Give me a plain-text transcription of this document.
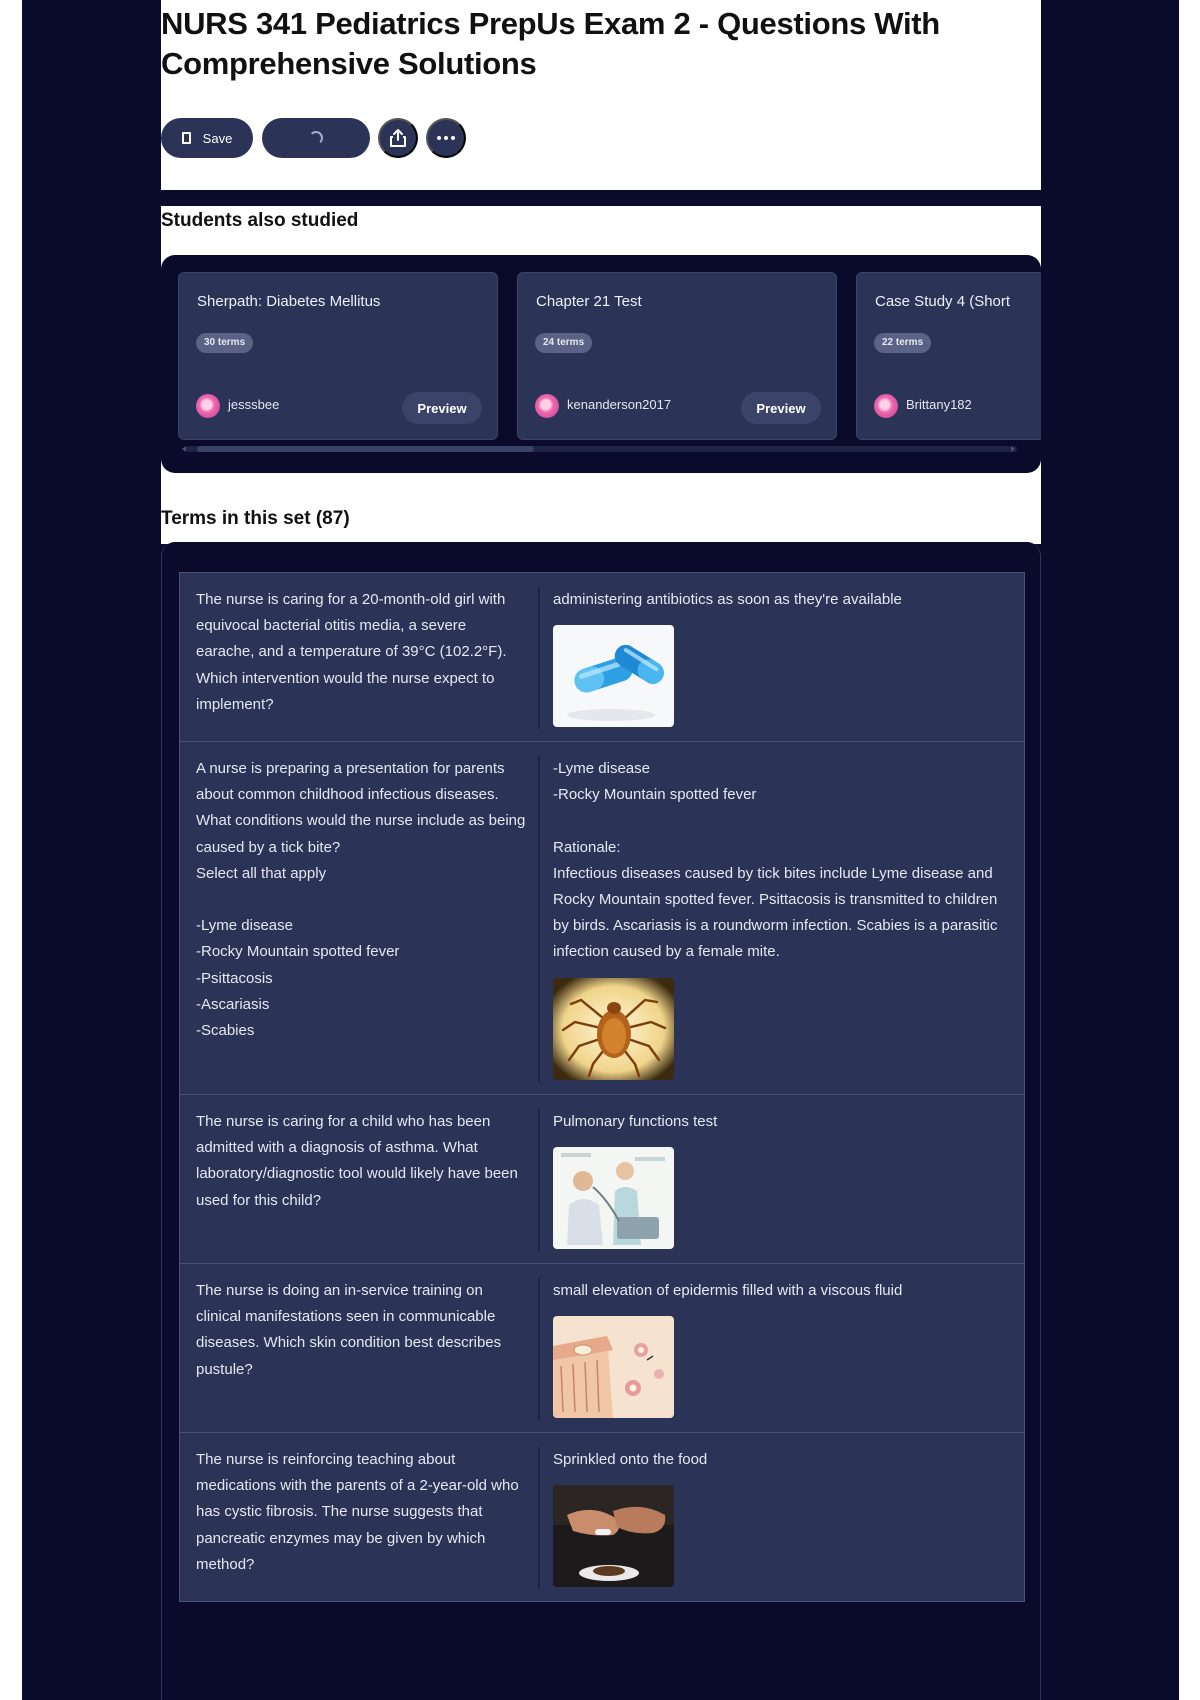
NURS 341 Pediatrics PrepUs Exam 2 - Questions With Comprehensive Solutions
Save
Students also studied
Sherpath: Diabetes Mellitus
30 terms
jesssbee	Preview
Chapter 21 Test
24 terms
kenanderson2017	Preview
Case Study 4 (Short
22 terms
Brittany182
Terms in this set (87)
The nurse is caring for a 20-month-old girl with equivocal bacterial otitis media, a severe earache, and a temperature of 39°C (102.2°F). Which intervention would the nurse expect to implement?
administering antibiotics as soon as they're available
A nurse is preparing a presentation for parents about common childhood infectious diseases. What conditions would the nurse include as being caused by a tick bite?
Select all that apply

-Lyme disease
-Rocky Mountain spotted fever
-Psittacosis
-Ascariasis
-Scabies
-Lyme disease
-Rocky Mountain spotted fever

Rationale:
Infectious diseases caused by tick bites include Lyme disease and Rocky Mountain spotted fever. Psittacosis is transmitted to children by birds. Ascariasis is a roundworm infection. Scabies is a parasitic infection caused by a female mite.
The nurse is caring for a child who has been admitted with a diagnosis of asthma. What laboratory/diagnostic tool would likely have been used for this child?
Pulmonary functions test
The nurse is doing an in-service training on clinical manifestations seen in communicable diseases. Which skin condition best describes pustule?
small elevation of epidermis filled with a viscous fluid
The nurse is reinforcing teaching about medications with the parents of a 2-year-old who has cystic fibrosis. The nurse suggests that pancreatic enzymes may be given by which method?
Sprinkled onto the food
